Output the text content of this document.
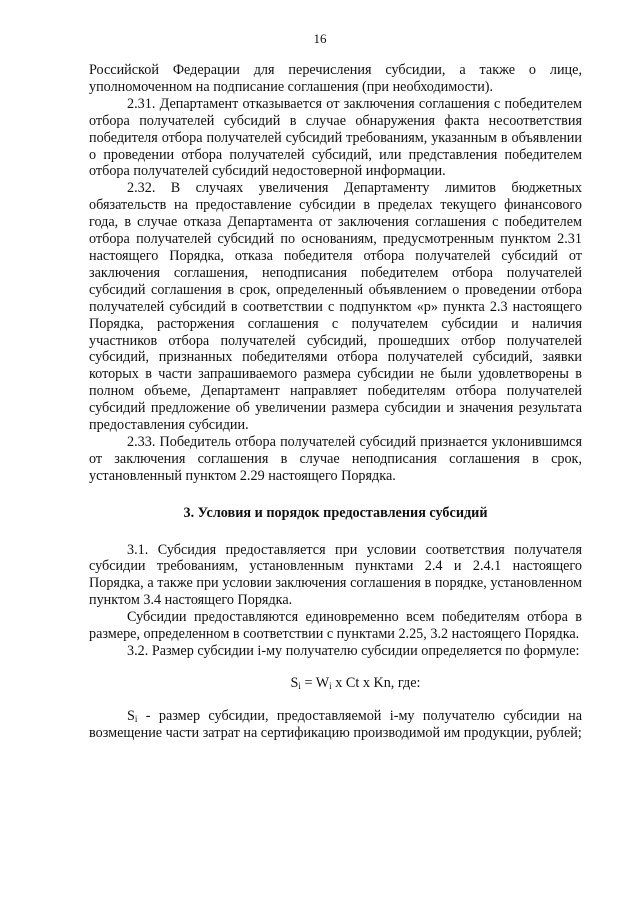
16

Российской Федерации для перечисления субсидии, а также о лице, уполномоченном на подписание соглашения (при необходимости).

2.31. Департамент отказывается от заключения соглашения с победителем отбора получателей субсидий в случае обнаружения факта несоответствия победителя отбора получателей субсидий требованиям, указанным в объявлении о проведении отбора получателей субсидий, или представления победителем отбора получателей субсидий недостоверной информации.

2.32. В случаях увеличения Департаменту лимитов бюджетных обязательств на предоставление субсидии в пределах текущего финансового года, в случае отказа Департамента от заключения соглашения с победителем отбора получателей субсидий по основаниям, предусмотренным пунктом 2.31 настоящего Порядка, отказа победителя отбора получателей субсидий от заключения соглашения, неподписания победителем отбора получателей субсидий соглашения в срок, определенный объявлением о проведении отбора получателей субсидий в соответствии с подпунктом «р» пункта 2.3 настоящего Порядка, расторжения соглашения с получателем субсидии и наличия участников отбора получателей субсидий, прошедших отбор получателей субсидий, признанных победителями отбора получателей субсидий, заявки которых в части запрашиваемого размера субсидии не были удовлетворены в полном объеме, Департамент направляет победителям отбора получателей субсидий предложение об увеличении размера субсидии и значения результата предоставления субсидии.

2.33. Победитель отбора получателей субсидий признается уклонившимся от заключения соглашения в случае неподписания соглашения в срок, установленный пунктом 2.29 настоящего Порядка.

3. Условия и порядок предоставления субсидий

3.1. Субсидия предоставляется при условии соответствия получателя субсидии требованиям, установленным пунктами 2.4 и 2.4.1 настоящего Порядка, а также при условии заключения соглашения в порядке, установленном пунктом 3.4 настоящего Порядка.

Субсидии предоставляются единовременно всем победителям отбора в размере, определенном в соответствии с пунктами 2.25, 3.2 настоящего Порядка.

3.2. Размер субсидии i-му получателю субсидии определяется по формуле:

$S_i = W_i$ x Ct x Kn, где:

$S_i$ - размер субсидии, предоставляемой i-му получателю субсидии на возмещение части затрат на сертификацию производимой им продукции, рублей;
